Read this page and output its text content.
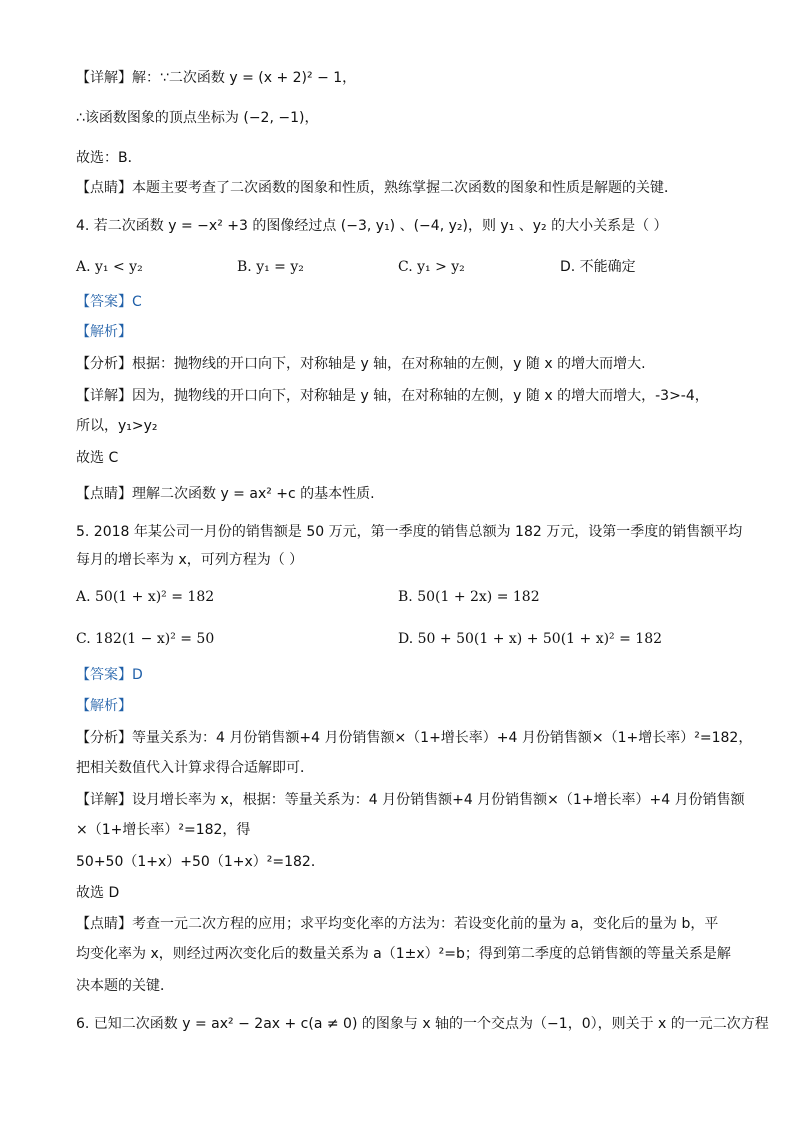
【详解】解：∵二次函数 y = (x + 2)² − 1，
∴该函数图象的顶点坐标为 (−2, −1)，
故选：B．
【点睛】本题主要考查了二次函数的图象和性质，熟练掌握二次函数的图象和性质是解题的关键．
4. 若二次函数 y = −x² +3 的图像经过点 (−3, y₁) 、(−4, y₂)，则 y₁ 、y₂ 的大小关系是（ ）
A. y₁ < y₂	B. y₁ = y₂	C. y₁ > y₂	D. 不能确定
【答案】C
【解析】
【分析】根据：抛物线的开口向下，对称轴是 y 轴，在对称轴的左侧，y 随 x 的增大而增大.
【详解】因为，抛物线的开口向下，对称轴是 y 轴，在对称轴的左侧，y 随 x 的增大而增大，-3>-4，
所以，y₁>y₂
故选 C
【点睛】理解二次函数 y = ax² +c 的基本性质.
5. 2018 年某公司一月份的销售额是 50 万元，第一季度的销售总额为 182 万元，设第一季度的销售额平均
每月的增长率为 x，可列方程为（ ）
A. 50(1 + x)² = 182	B. 50(1 + 2x) = 182
C. 182(1 − x)² = 50	D. 50 + 50(1 + x) + 50(1 + x)² = 182
【答案】D
【解析】
【分析】等量关系为：4 月份销售额+4 月份销售额×（1+增长率）+4 月份销售额×（1+增长率）²=182，
把相关数值代入计算求得合适解即可．
【详解】设月增长率为 x，根据：等量关系为：4 月份销售额+4 月份销售额×（1+增长率）+4 月份销售额
×（1+增长率）²=182，得
50+50（1+x）+50（1+x）²=182．
故选 D
【点睛】考查一元二次方程的应用；求平均变化率的方法为：若设变化前的量为 a，变化后的量为 b，平
均变化率为 x，则经过两次变化后的数量关系为 a（1±x）²=b；得到第二季度的总销售额的等量关系是解
决本题的关键．
6. 已知二次函数 y = ax² − 2ax + c(a ≠ 0) 的图象与 x 轴的一个交点为（−1，0），则关于 x 的一元二次方程
